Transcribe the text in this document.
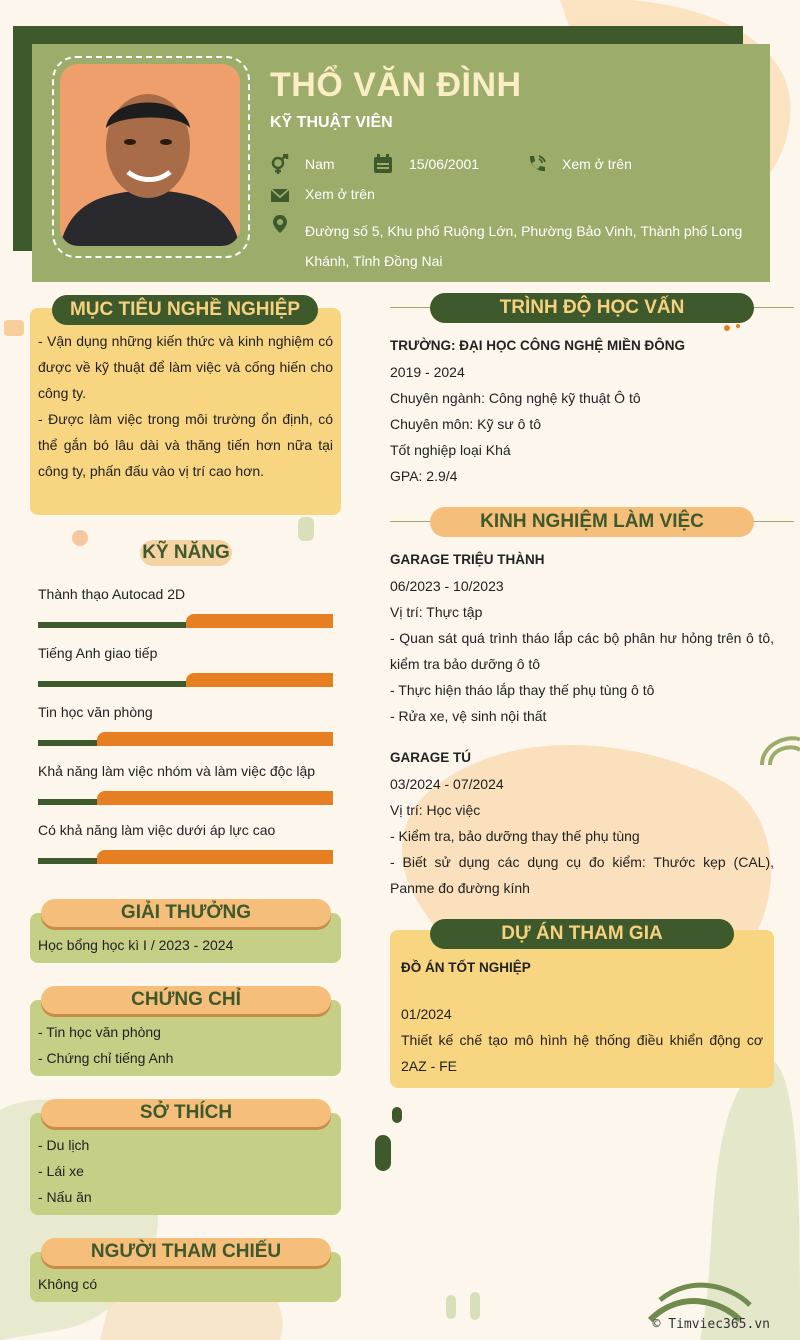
THỔ VĂN ĐÌNH
KỸ THUẬT VIÊN
Nam	15/06/2001	Xem ở trên
Xem ở trên
Đường số 5, Khu phố Ruộng Lớn, Phường Bảo Vinh, Thành phố Long
Khánh, Tỉnh Đồng Nai
MỤC TIÊU NGHỀ NGHIỆP
- Vận dụng những kiến thức và kinh nghiệm có được về kỹ thuật để làm việc và cống hiến cho công ty.
- Được làm việc trong môi trường ổn định, có thể gắn bó lâu dài và thăng tiến hơn nữa tại công ty, phấn đấu vào vị trí cao hơn.
KỸ NĂNG
Thành thạo Autocad 2D
Tiếng Anh giao tiếp
Tin học văn phòng
Khả năng làm việc nhóm và làm việc độc lập
Có khả năng làm việc dưới áp lực cao
GIẢI THƯỞNG
Học bổng học kì I / 2023 - 2024
CHỨNG CHỈ
- Tin học văn phòng
- Chứng chỉ tiếng Anh
SỞ THÍCH
- Du lịch
- Lái xe
- Nấu ăn
NGƯỜI THAM CHIẾU
Không có
TRÌNH ĐỘ HỌC VẤN
TRƯỜNG: ĐẠI HỌC CÔNG NGHỆ MIỀN ĐÔNG
2019 - 2024
Chuyên ngành: Công nghệ kỹ thuật Ô tô
Chuyên môn: Kỹ sư ô tô
Tốt nghiệp loại Khá
GPA: 2.9/4
KINH NGHIỆM LÀM VIỆC
GARAGE TRIỆU THÀNH
06/2023 - 10/2023
Vị trí: Thực tập
- Quan sát quá trình tháo lắp các bộ phân hư hỏng trên ô tô, kiểm tra bảo dưỡng ô tô
- Thực hiện tháo lắp thay thế phụ tùng ô tô
- Rửa xe, vệ sinh nội thất
GARAGE TÚ
03/2024 - 07/2024
Vị trí: Học việc
- Kiểm tra, bảo dưỡng thay thế phụ tùng
- Biết sử dụng các dụng cụ đo kiểm: Thước kẹp (CAL), Panme đo đường kính
DỰ ÁN THAM GIA
ĐỒ ÁN TỐT NGHIỆP
01/2024
Thiết kế chế tạo mô hình hệ thống điều khiển động cơ 2AZ - FE
© Timviec365.vn
